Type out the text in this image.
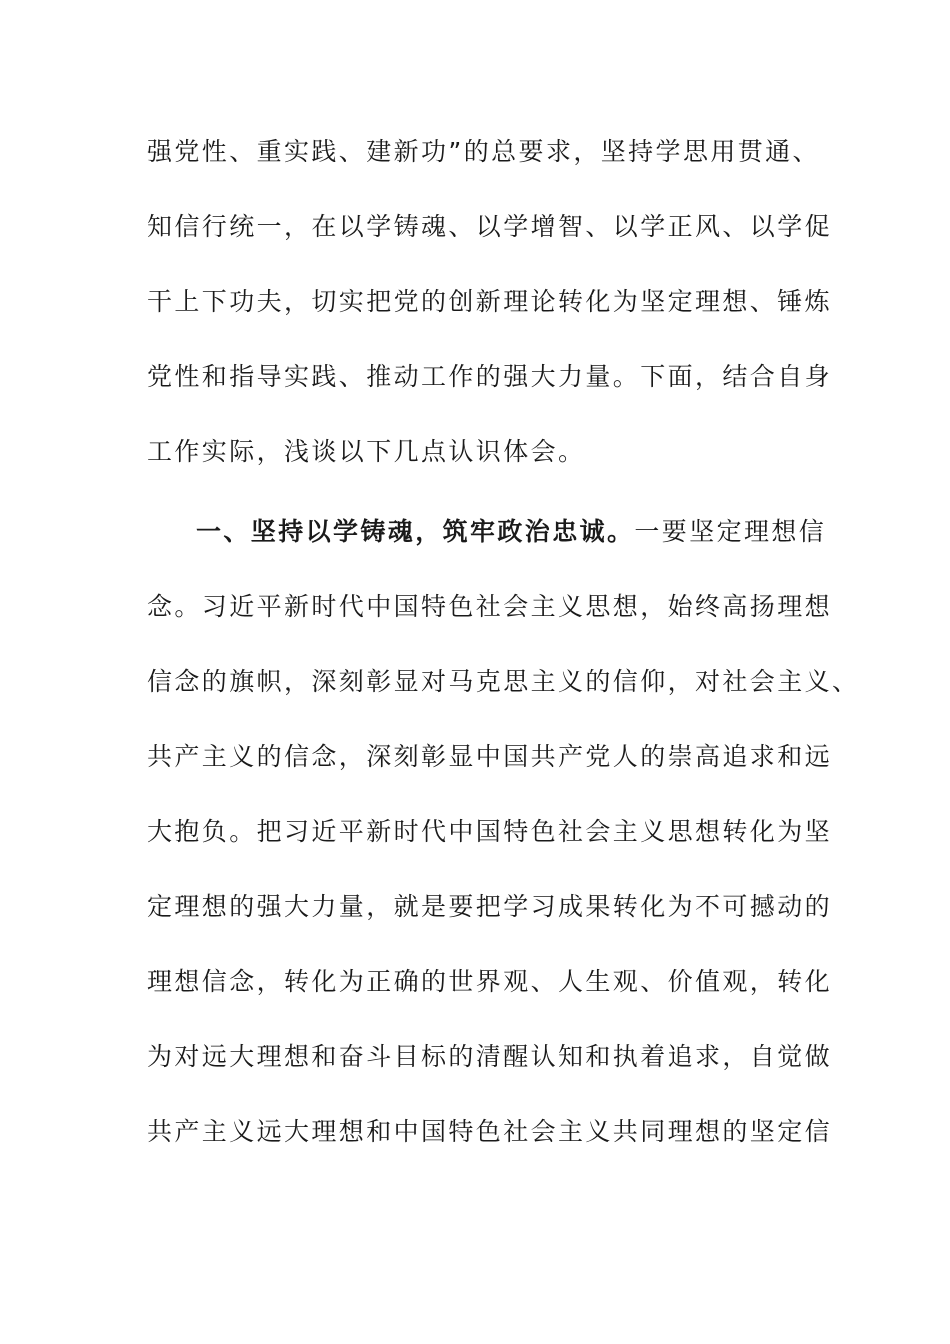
强党性、重实践、建新功”的总要求，坚持学思用贯通、
知信行统一，在以学铸魂、以学增智、以学正风、以学促
干上下功夫，切实把党的创新理论转化为坚定理想、锤炼
党性和指导实践、推动工作的强大力量。下面，结合自身
工作实际，浅谈以下几点认识体会。
一、坚持以学铸魂，筑牢政治忠诚。一要坚定理想信
念。习近平新时代中国特色社会主义思想，始终高扬理想
信念的旗帜，深刻彰显对马克思主义的信仰，对社会主义、
共产主义的信念，深刻彰显中国共产党人的崇高追求和远
大抱负。把习近平新时代中国特色社会主义思想转化为坚
定理想的强大力量，就是要把学习成果转化为不可撼动的
理想信念，转化为正确的世界观、人生观、价值观，转化
为对远大理想和奋斗目标的清醒认知和执着追求，自觉做
共产主义远大理想和中国特色社会主义共同理想的坚定信
